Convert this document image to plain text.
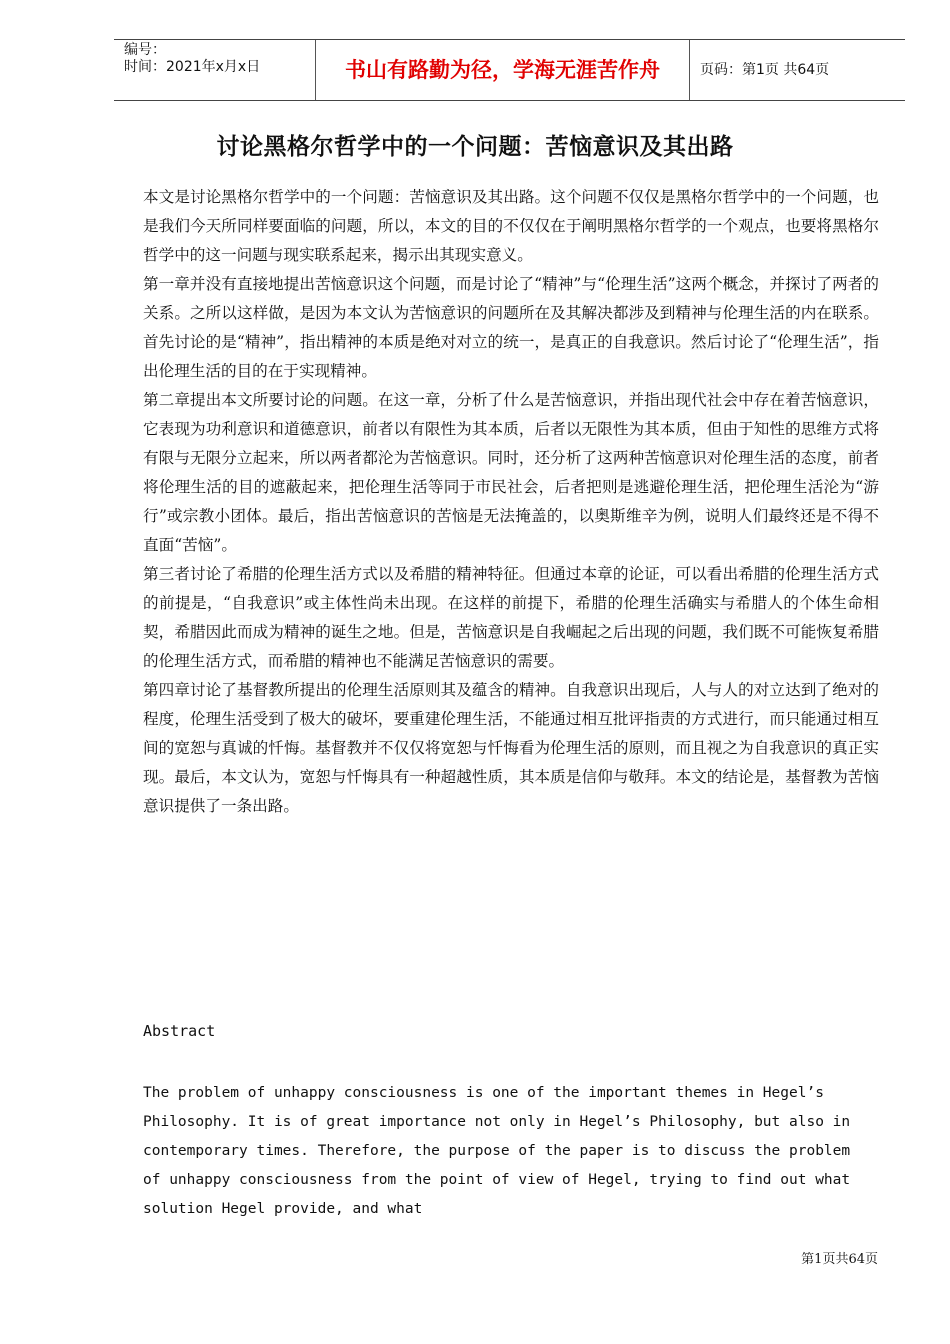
编号：
时间：2021年x月x日	书山有路勤为径，学海无涯苦作舟	页码：第1页 共64页
讨论黑格尔哲学中的一个问题：苦恼意识及其出路

本文是讨论黑格尔哲学中的一个问题：苦恼意识及其出路。这个问题不仅仅是黑格尔哲学中的一个问题，也是我们今天所同样要面临的问题，所以，本文的目的不仅仅在于阐明黑格尔哲学的一个观点，也要将黑格尔哲学中的这一问题与现实联系起来，揭示出其现实意义。

第一章并没有直接地提出苦恼意识这个问题，而是讨论了“精神”与“伦理生活”这两个概念，并探讨了两者的关系。之所以这样做，是因为本文认为苦恼意识的问题所在及其解决都涉及到精神与伦理生活的内在联系。首先讨论的是“精神”，指出精神的本质是绝对对立的统一，是真正的自我意识。然后讨论了“伦理生活”，指出伦理生活的目的在于实现精神。

第二章提出本文所要讨论的问题。在这一章，分析了什么是苦恼意识，并指出现代社会中存在着苦恼意识，它表现为功利意识和道德意识，前者以有限性为其本质，后者以无限性为其本质，但由于知性的思维方式将有限与无限分立起来，所以两者都沦为苦恼意识。同时，还分析了这两种苦恼意识对伦理生活的态度，前者将伦理生活的目的遮蔽起来，把伦理生活等同于市民社会，后者把则是逃避伦理生活，把伦理生活沦为“游行”或宗教小团体。最后，指出苦恼意识的苦恼是无法掩盖的，以奥斯维辛为例，说明人们最终还是不得不直面“苦恼”。

第三者讨论了希腊的伦理生活方式以及希腊的精神特征。但通过本章的论证，可以看出希腊的伦理生活方式的前提是，“自我意识”或主体性尚未出现。在这样的前提下，希腊的伦理生活确实与希腊人的个体生命相契，希腊因此而成为精神的诞生之地。但是，苦恼意识是自我崛起之后出现的问题，我们既不可能恢复希腊的伦理生活方式，而希腊的精神也不能满足苦恼意识的需要。

第四章讨论了基督教所提出的伦理生活原则其及蕴含的精神。自我意识出现后，人与人的对立达到了绝对的程度，伦理生活受到了极大的破坏，要重建伦理生活，不能通过相互批评指责的方式进行，而只能通过相互间的宽恕与真诚的忏悔。基督教并不仅仅将宽恕与忏悔看为伦理生活的原则，而且视之为自我意识的真正实现。最后，本文认为，宽恕与忏悔具有一种超越性质，其本质是信仰与敬拜。本文的结论是，基督教为苦恼意识提供了一条出路。

Abstract

The problem of unhappy consciousness is one of the important themes in Hegel’s Philosophy. It is of great importance not only in Hegel’s Philosophy, but also in contemporary times. Therefore, the purpose of the paper is to discuss the problem of unhappy consciousness from the point of view of Hegel, trying to find out what solution Hegel provide, and what

第1页共64页
